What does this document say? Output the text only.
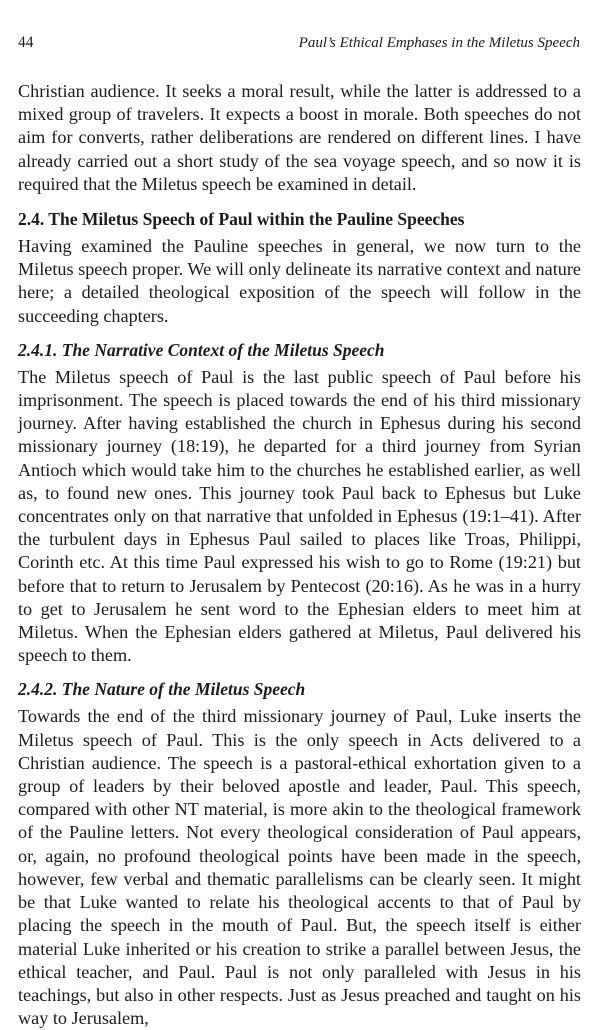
44	Paul’s Ethical Emphases in the Miletus Speech

Christian audience. It seeks a moral result, while the latter is addressed to a mixed group of travelers. It expects a boost in morale. Both speeches do not aim for converts, rather deliberations are rendered on different lines. I have already carried out a short study of the sea voyage speech, and so now it is required that the Miletus speech be examined in detail.

2.4. The Miletus Speech of Paul within the Pauline Speeches

Having examined the Pauline speeches in general, we now turn to the Miletus speech proper. We will only delineate its narrative context and nature here; a detailed theological exposition of the speech will follow in the succeeding chapters.

2.4.1. The Narrative Context of the Miletus Speech

The Miletus speech of Paul is the last public speech of Paul before his imprisonment. The speech is placed towards the end of his third missionary journey. After having established the church in Ephesus during his second missionary journey (18:19), he departed for a third journey from Syrian Antioch which would take him to the churches he established earlier, as well as, to found new ones. This journey took Paul back to Ephesus but Luke concentrates only on that narrative that unfolded in Ephesus (19:1–41). After the turbulent days in Ephesus Paul sailed to places like Troas, Philippi, Corinth etc. At this time Paul expressed his wish to go to Rome (19:21) but before that to return to Jerusalem by Pentecost (20:16). As he was in a hurry to get to Jerusalem he sent word to the Ephesian elders to meet him at Miletus. When the Ephesian elders gathered at Miletus, Paul delivered his speech to them.

2.4.2. The Nature of the Miletus Speech

Towards the end of the third missionary journey of Paul, Luke inserts the Miletus speech of Paul. This is the only speech in Acts delivered to a Christian audience. The speech is a pastoral-ethical exhortation given to a group of leaders by their beloved apostle and leader, Paul. This speech, compared with other NT material, is more akin to the theological framework of the Pauline letters. Not every theological consideration of Paul appears, or, again, no profound theological points have been made in the speech, however, few verbal and thematic parallelisms can be clearly seen. It might be that Luke wanted to relate his theological accents to that of Paul by placing the speech in the mouth of Paul. But, the speech itself is either material Luke inherited or his creation to strike a parallel between Jesus, the ethical teacher, and Paul. Paul is not only paralleled with Jesus in his teachings, but also in other respects. Just as Jesus preached and taught on his way to Jerusalem,
